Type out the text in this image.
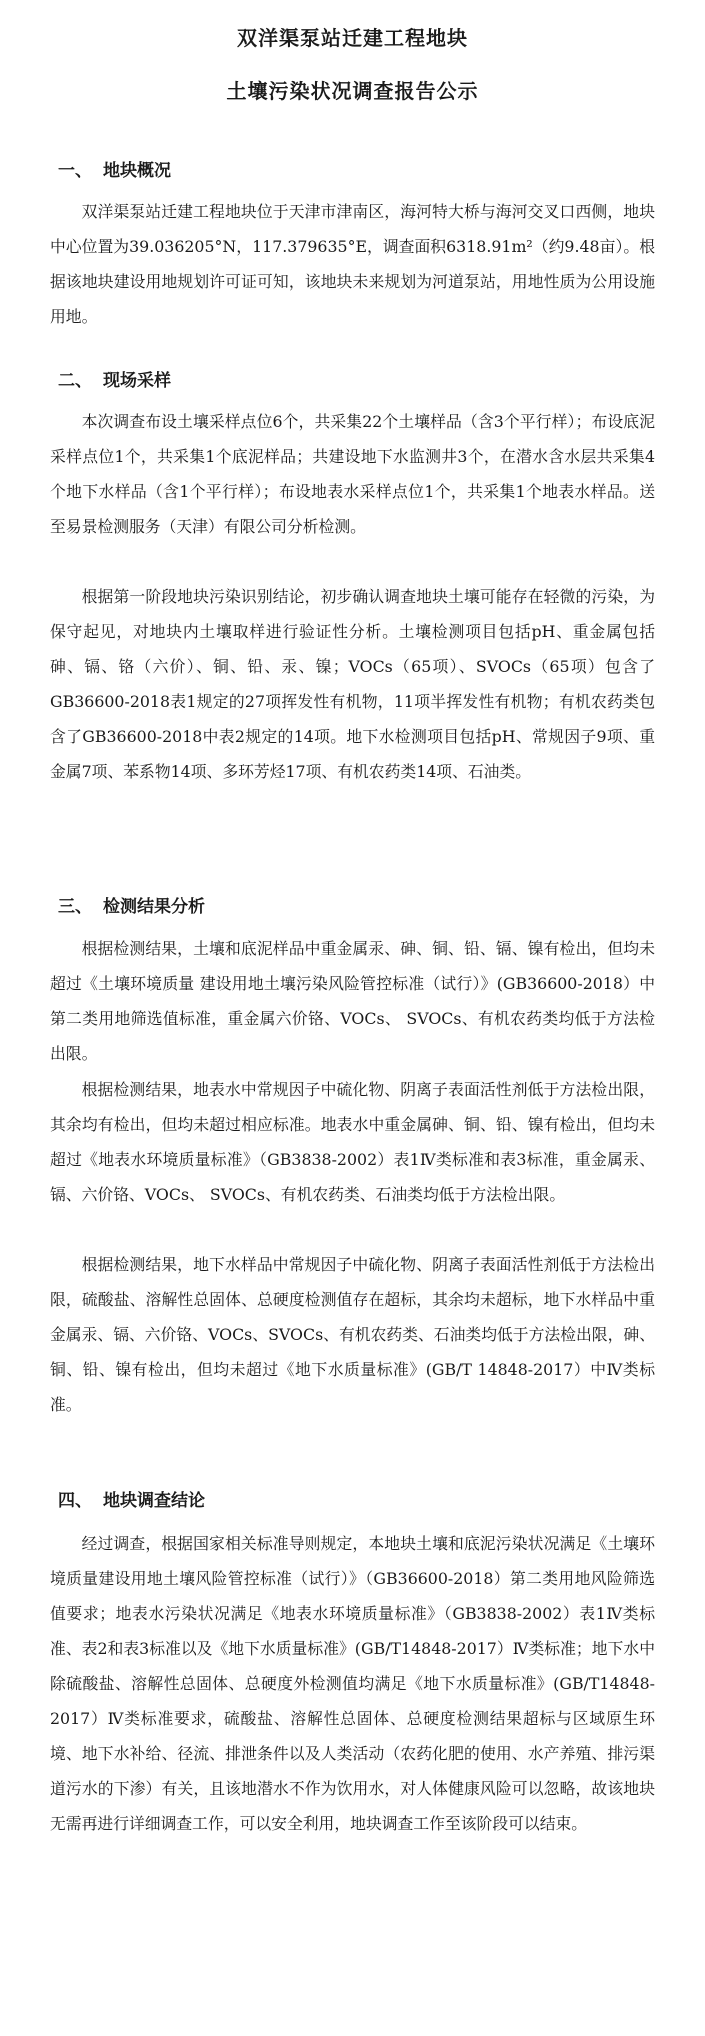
双洋渠泵站迁建工程地块
土壤污染状况调查报告公示
一、 地块概况

双洋渠泵站迁建工程地块位于天津市津南区，海河特大桥与海河交叉口西侧，地块中心位置为39.036205°N，117.379635°E，调查面积6318.91m²（约9.48亩）。根据该地块建设用地规划许可证可知，该地块未来规划为河道泵站，用地性质为公用设施用地。

二、 现场采样

本次调查布设土壤采样点位6个，共采集22个土壤样品（含3个平行样）；布设底泥采样点位1个，共采集1个底泥样品；共建设地下水监测井3个，在潜水含水层共采集4个地下水样品（含1个平行样）；布设地表水采样点位1个，共采集1个地表水样品。送至易景检测服务（天津）有限公司分析检测。

根据第一阶段地块污染识别结论，初步确认调查地块土壤可能存在轻微的污染，为保守起见，对地块内土壤取样进行验证性分析。土壤检测项目包括pH、重金属包括砷、镉、铬（六价）、铜、铅、汞、镍；VOCs（65项）、SVOCs（65项）包含了GB36600-2018表1规定的27项挥发性有机物，11项半挥发性有机物；有机农药类包含了GB36600-2018中表2规定的14项。地下水检测项目包括pH、常规因子9项、重金属7项、苯系物14项、多环芳烃17项、有机农药类14项、石油类。

三、 检测结果分析

根据检测结果，土壤和底泥样品中重金属汞、砷、铜、铅、镉、镍有检出，但均未超过《土壤环境质量 建设用地土壤污染风险管控标准（试行）》(GB36600-2018）中第二类用地筛选值标准，重金属六价铬、VOCs、 SVOCs、有机农药类均低于方法检出限。

根据检测结果，地表水中常规因子中硫化物、阴离子表面活性剂低于方法检出限，其余均有检出，但均未超过相应标准。地表水中重金属砷、铜、铅、镍有检出，但均未超过《地表水环境质量标准》（GB3838-2002）表1Ⅳ类标准和表3标准，重金属汞、镉、六价铬、VOCs、 SVOCs、有机农药类、石油类均低于方法检出限。

根据检测结果，地下水样品中常规因子中硫化物、阴离子表面活性剂低于方法检出限，硫酸盐、溶解性总固体、总硬度检测值存在超标，其余均未超标，地下水样品中重金属汞、镉、六价铬、VOCs、SVOCs、有机农药类、石油类均低于方法检出限，砷、铜、铅、镍有检出，但均未超过《地下水质量标准》(GB/T 14848-2017）中Ⅳ类标准。

四、 地块调查结论

经过调查，根据国家相关标准导则规定，本地块土壤和底泥污染状况满足《土壤环境质量建设用地土壤风险管控标准（试行）》（GB36600-2018）第二类用地风险筛选值要求；地表水污染状况满足《地表水环境质量标准》（GB3838-2002）表1Ⅳ类标准、表2和表3标准以及《地下水质量标准》(GB/T14848-2017）Ⅳ类标准；地下水中除硫酸盐、溶解性总固体、总硬度外检测值均满足《地下水质量标准》(GB/T14848-2017）Ⅳ类标准要求，硫酸盐、溶解性总固体、总硬度检测结果超标与区域原生环境、地下水补给、径流、排泄条件以及人类活动（农药化肥的使用、水产养殖、排污渠道污水的下渗）有关，且该地潜水不作为饮用水，对人体健康风险可以忽略，故该地块无需再进行详细调查工作，可以安全利用，地块调查工作至该阶段可以结束。
